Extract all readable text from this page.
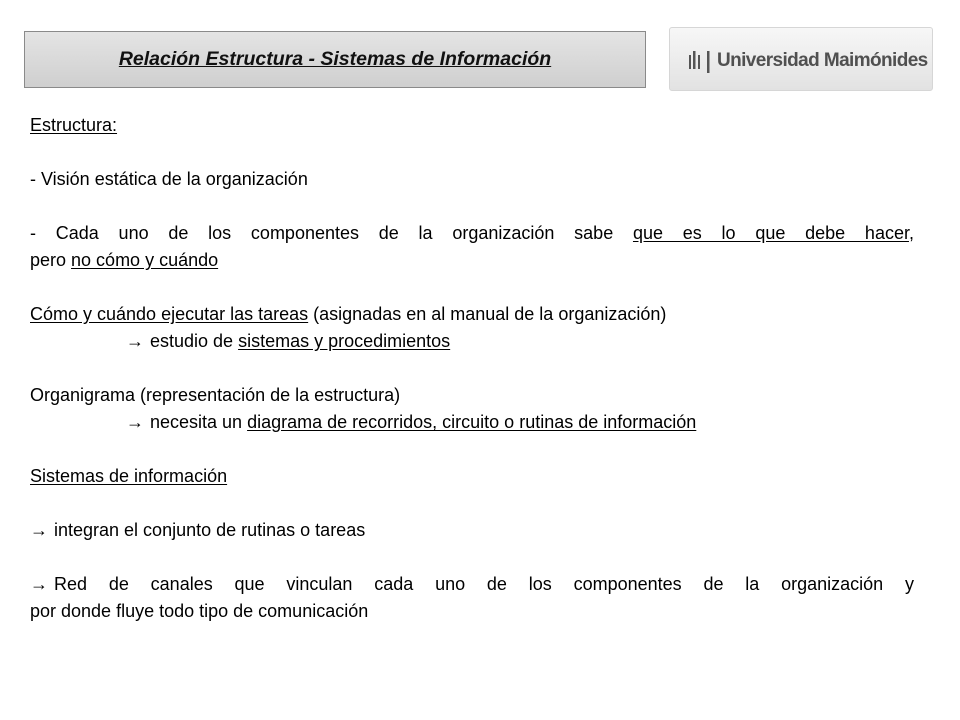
Relación Estructura - Sistemas de Información	Universidad Maimónides
Estructura:
- Visión estática de la organización
- Cada uno de los componentes de la organización sabe que es lo que debe hacer,
pero no cómo y cuándo
Cómo y cuándo ejecutar las tareas (asignadas en al manual de la organización)
→ estudio de sistemas y procedimientos
Organigrama (representación de la estructura)
→ necesita un diagrama de recorridos, circuito o rutinas de información
Sistemas de información
→ integran el conjunto de rutinas o tareas
→ Red de canales que vinculan cada uno de los componentes de la organización y
por donde fluye todo tipo de comunicación
